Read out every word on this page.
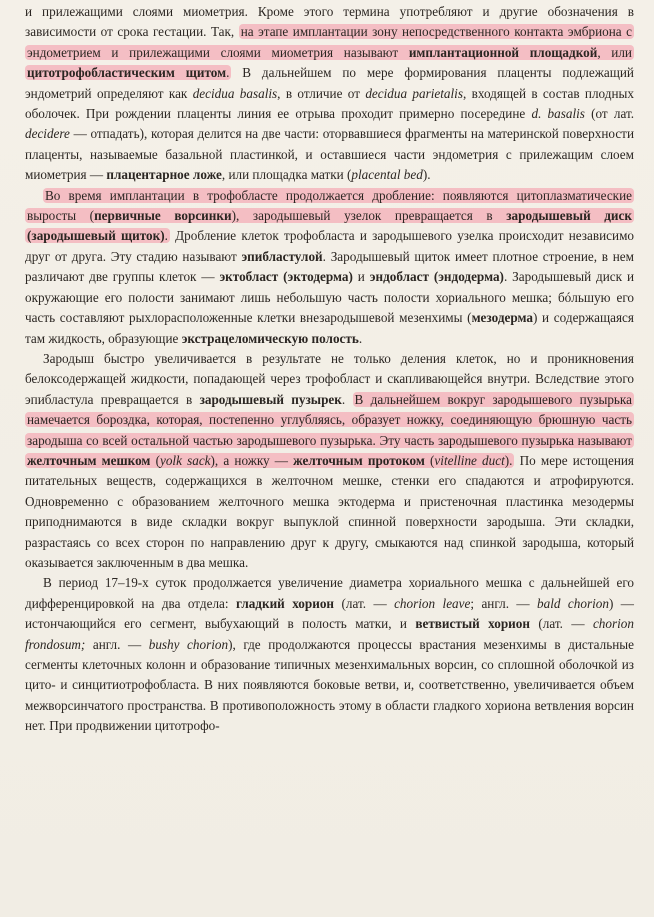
и прилежащими слоями миометрия. Кроме этого термина употребляют и другие обозначения в зависимости от срока гестации. Так, на этапе имплантации зону непосредственного контакта эмбриона с эндометрием и прилежащими слоями миометрия называют имплантационной площадкой, или цитотрофобластическим щитом. В дальнейшем по мере формирования плаценты подлежащий эндометрий определяют как decidua basalis, в отличие от decidua parietalis, входящей в состав плодных оболочек. При рождении плаценты линия ее отрыва проходит примерно посередине d. basalis (от лат. decidere — отпадать), которая делится на две части: оторвавшиеся фрагменты на материнской поверхности плаценты, называемые базальной пластинкой, и оставшиеся части эндометрия с прилежащим слоем миометрия — плацентарное ложе, или площадка матки (placental bed).

Во время имплантации в трофобласте продолжается дробление: появляются цитоплазматические выросты (первичные ворсинки), зародышевый узелок превращается в зародышевый диск (зародышевый щиток). Дробление клеток трофобласта и зародышевого узелка происходит независимо друг от друга. Эту стадию называют эпибластулой. Зародышевый щиток имеет плотное строение, в нем различают две группы клеток — эктобласт (эктодерма) и эндобласт (эндодерма). Зародышевый диск и окружающие его полости занимают лишь небольшую часть полости хориального мешка; бóльшую его часть составляют рыхлорасположенные клетки внезародышевой мезенхимы (мезодерма) и содержащаяся там жидкость, образующие экстрацеломическую полость.

Зародыш быстро увеличивается в результате не только деления клеток, но и проникновения белоксодержащей жидкости, попадающей через трофобласт и скапливающейся внутри. Вследствие этого эпибластула превращается в зародышевый пузырек. В дальнейшем вокруг зародышевого пузырька намечается бороздка, которая, постепенно углубляясь, образует ножку, соединяющую брюшную часть зародыша со всей остальной частью зародышевого пузырька. Эту часть зародышевого пузырька называют желточным мешком (yolk sack), а ножку — желточным протоком (vitelline duct). По мере истощения питательных веществ, содержащихся в желточном мешке, стенки его спадаются и атрофируются. Одновременно с образованием желточного мешка эктодерма и пристеночная пластинка мезодермы приподнимаются в виде складки вокруг выпуклой спинной поверхности зародыша. Эти складки, разрастаясь со всех сторон по направлению друг к другу, смыкаются над спинкой зародыша, который оказывается заключенным в два мешка.

В период 17–19-х суток продолжается увеличение диаметра хориального мешка с дальнейшей его дифференцировкой на два отдела: гладкий хорион (лат. — chorion leave; англ. — bald chorion) — истончающийся его сегмент, выбухающий в полость матки, и ветвистый хорион (лат. — chorion frondosum; англ. — bushy chorion), где продолжаются процессы врастания мезенхимы в дистальные сегменты клеточных колонн и образование типичных мезенхимальных ворсин, со сплошной оболочкой из цито- и синцитиотрофобласта. В них появляются боковые ветви, и, соответственно, увеличивается объем межворсинчатого пространства. В противоположность этому в области гладкого хориона ветвления ворсин нет. При продвижении цитотрофо-
